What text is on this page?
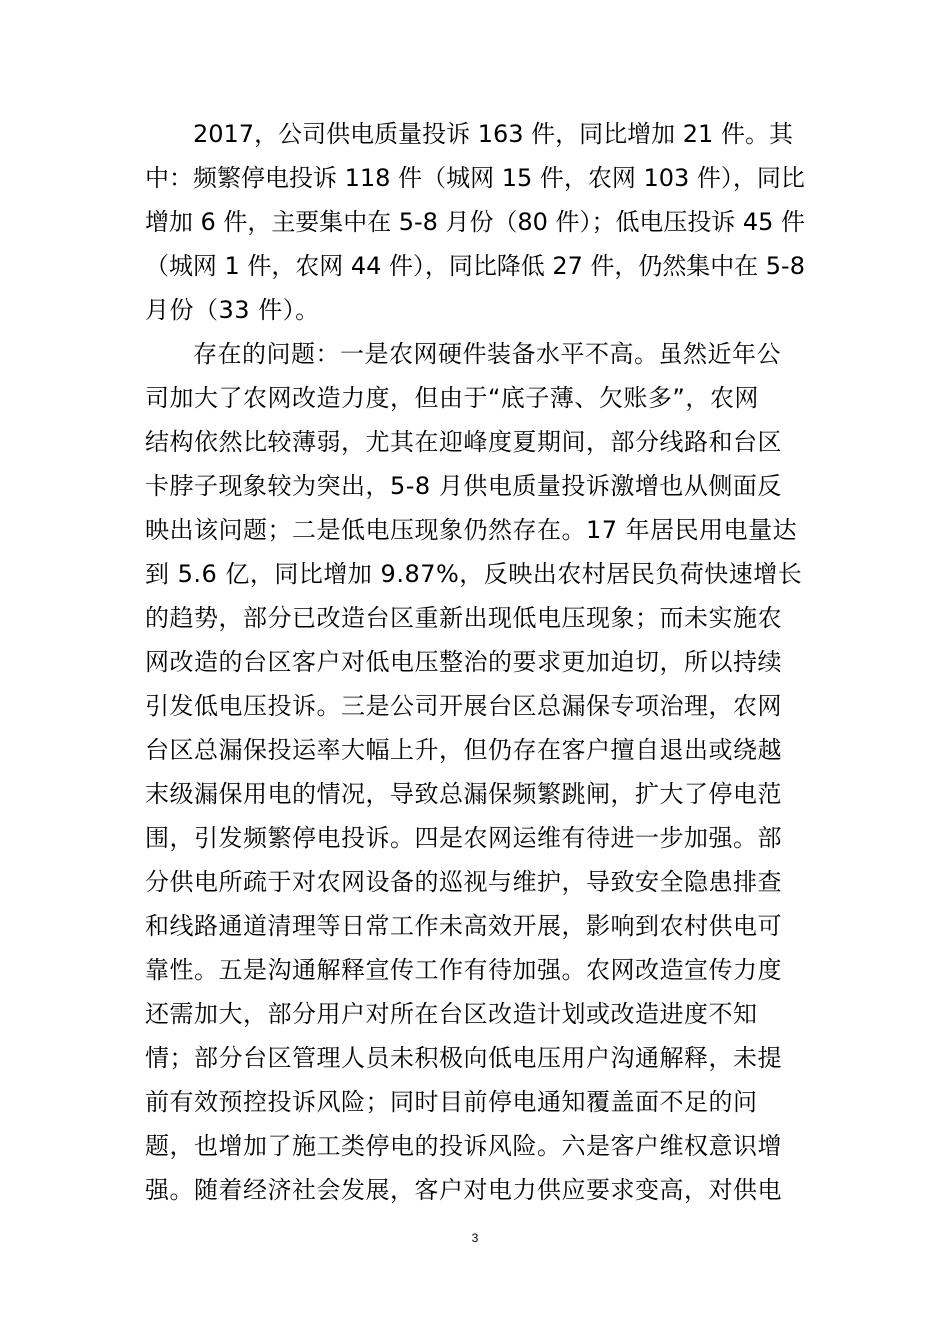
2017，公司供电质量投诉 163 件，同比增加 21 件。其
中：频繁停电投诉 118 件（城网 15 件，农网 103 件），同比
增加 6 件，主要集中在 5-8 月份（80 件）；低电压投诉 45 件
（城网 1 件，农网 44 件），同比降低 27 件，仍然集中在 5-8
月份（33 件）。
存在的问题：一是农网硬件装备水平不高。虽然近年公
司加大了农网改造力度，但由于“底子薄、欠账多”，农网
结构依然比较薄弱，尤其在迎峰度夏期间，部分线路和台区
卡脖子现象较为突出，5-8 月供电质量投诉激增也从侧面反
映出该问题；二是低电压现象仍然存在。17 年居民用电量达
到 5.6 亿，同比增加 9.87%，反映出农村居民负荷快速增长
的趋势，部分已改造台区重新出现低电压现象；而未实施农
网改造的台区客户对低电压整治的要求更加迫切，所以持续
引发低电压投诉。三是公司开展台区总漏保专项治理，农网
台区总漏保投运率大幅上升，但仍存在客户擅自退出或绕越
末级漏保用电的情况，导致总漏保频繁跳闸，扩大了停电范
围，引发频繁停电投诉。四是农网运维有待进一步加强。部
分供电所疏于对农网设备的巡视与维护，导致安全隐患排查
和线路通道清理等日常工作未高效开展，影响到农村供电可
靠性。五是沟通解释宣传工作有待加强。农网改造宣传力度
还需加大，部分用户对所在台区改造计划或改造进度不知
情；部分台区管理人员未积极向低电压用户沟通解释，未提
前有效预控投诉风险；同时目前停电通知覆盖面不足的问
题，也增加了施工类停电的投诉风险。六是客户维权意识增
强。随着经济社会发展，客户对电力供应要求变高，对供电
3
